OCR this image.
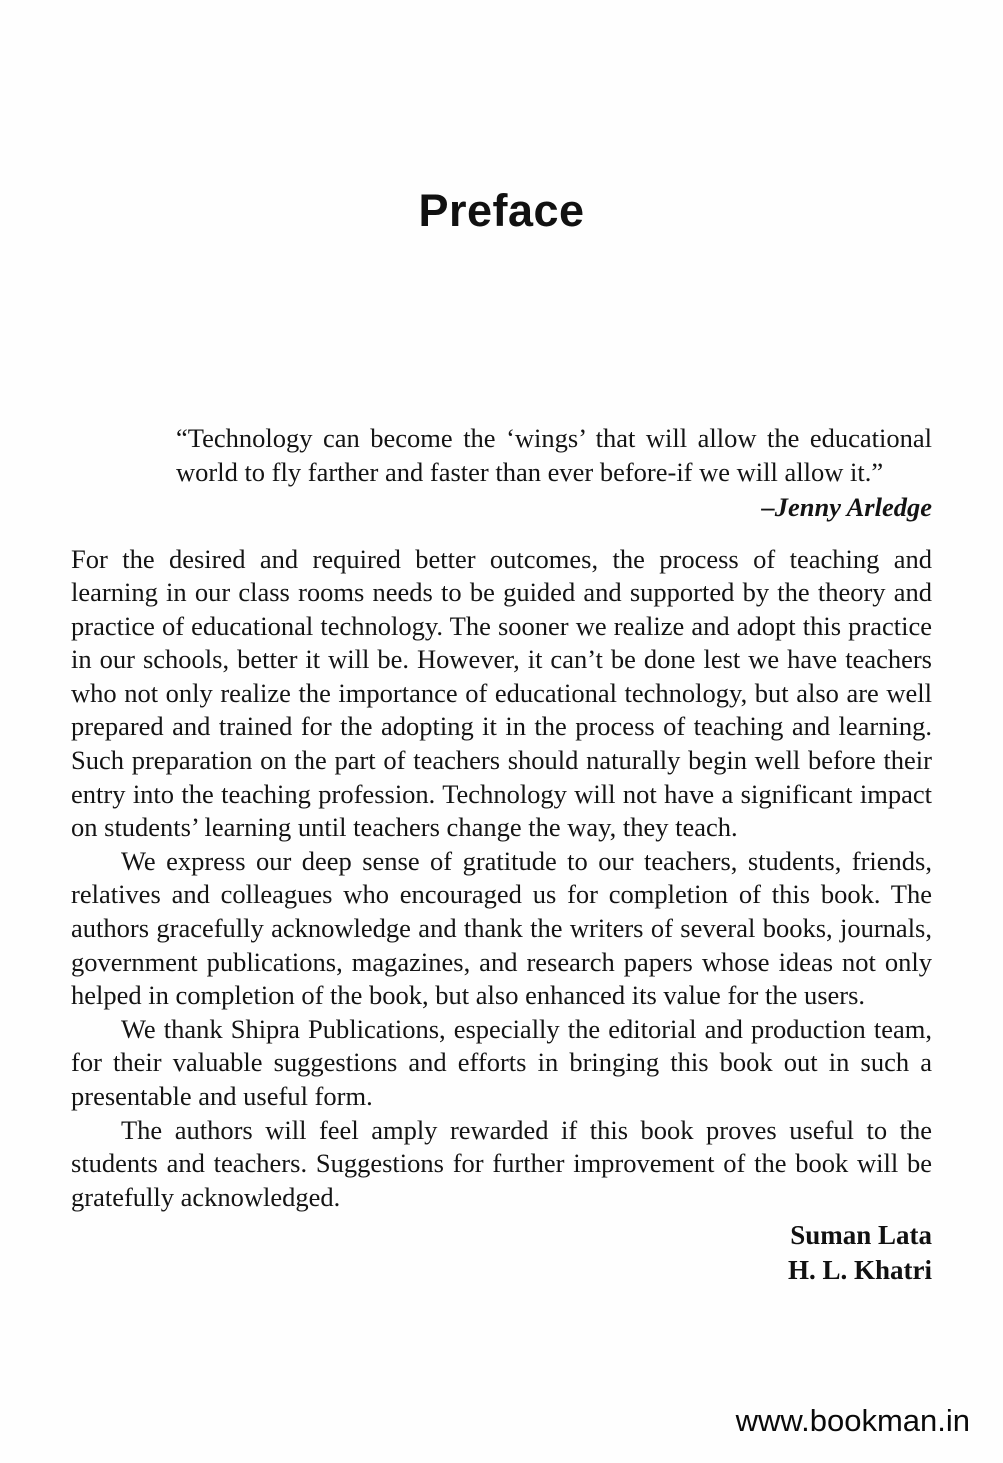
Preface

“Technology can become the ‘wings’ that will allow the educational world to fly farther and faster than ever before-if we will allow it.”

–Jenny Arledge

For the desired and required better outcomes, the process of teaching and learning in our class rooms needs to be guided and supported by the theory and practice of educational technology. The sooner we realize and adopt this practice in our schools, better it will be. However, it can’t be done lest we have teachers who not only realize the importance of educational technology, but also are well prepared and trained for the adopting it in the process of teaching and learning. Such preparation on the part of teachers should naturally begin well before their entry into the teaching profession. Technology will not have a significant impact on students’ learning until teachers change the way, they teach.

We express our deep sense of gratitude to our teachers, students, friends, relatives and colleagues who encouraged us for completion of this book. The authors gracefully acknowledge and thank the writers of several books, journals, government publications, magazines, and research papers whose ideas not only helped in completion of the book, but also enhanced its value for the users.

We thank Shipra Publications, especially the editorial and production team, for their valuable suggestions and efforts in bringing this book out in such a presentable and useful form.

The authors will feel amply rewarded if this book proves useful to the students and teachers. Suggestions for further improvement of the book will be gratefully acknowledged.

Suman Lata

H. L. Khatri

www.bookman.in
